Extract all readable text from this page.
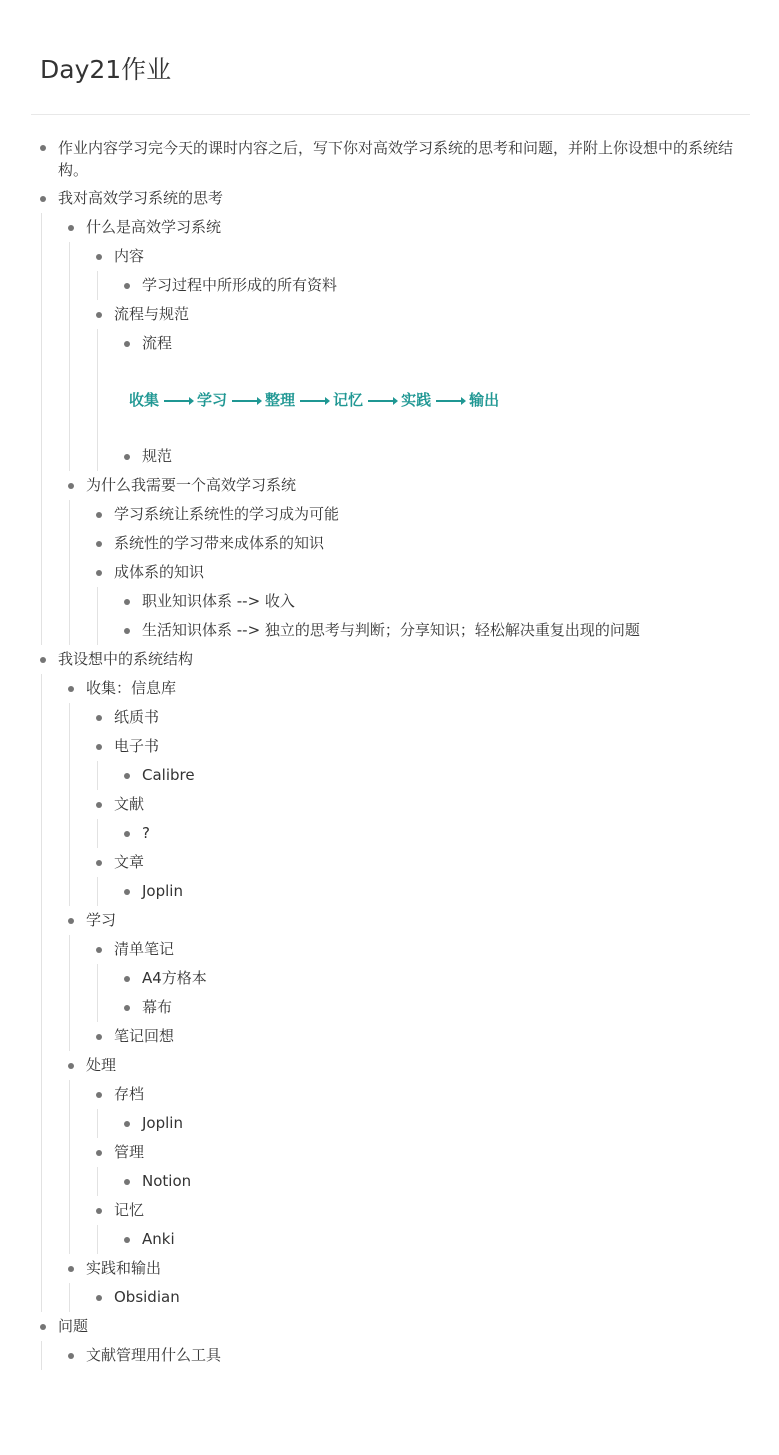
Day21作业
作业内容学习完今天的课时内容之后，写下你对高效学习系统的思考和问题，并附上你设想中的系统结构。
我对高效学习系统的思考
什么是高效学习系统
内容
学习过程中所形成的所有资料
流程与规范
流程
收集	学习	整理	记忆	实践	输出
规范
为什么我需要一个高效学习系统
学习系统让系统性的学习成为可能
系统性的学习带来成体系的知识
成体系的知识
职业知识体系 --> 收入
生活知识体系 --> 独立的思考与判断；分享知识；轻松解决重复出现的问题
我设想中的系统结构
收集：信息库
纸质书
电子书
Calibre
文献
?
文章
Joplin
学习
清单笔记
A4方格本
幕布
笔记回想
处理
存档
Joplin
管理
Notion
记忆
Anki
实践和输出
Obsidian
问题
文献管理用什么工具
